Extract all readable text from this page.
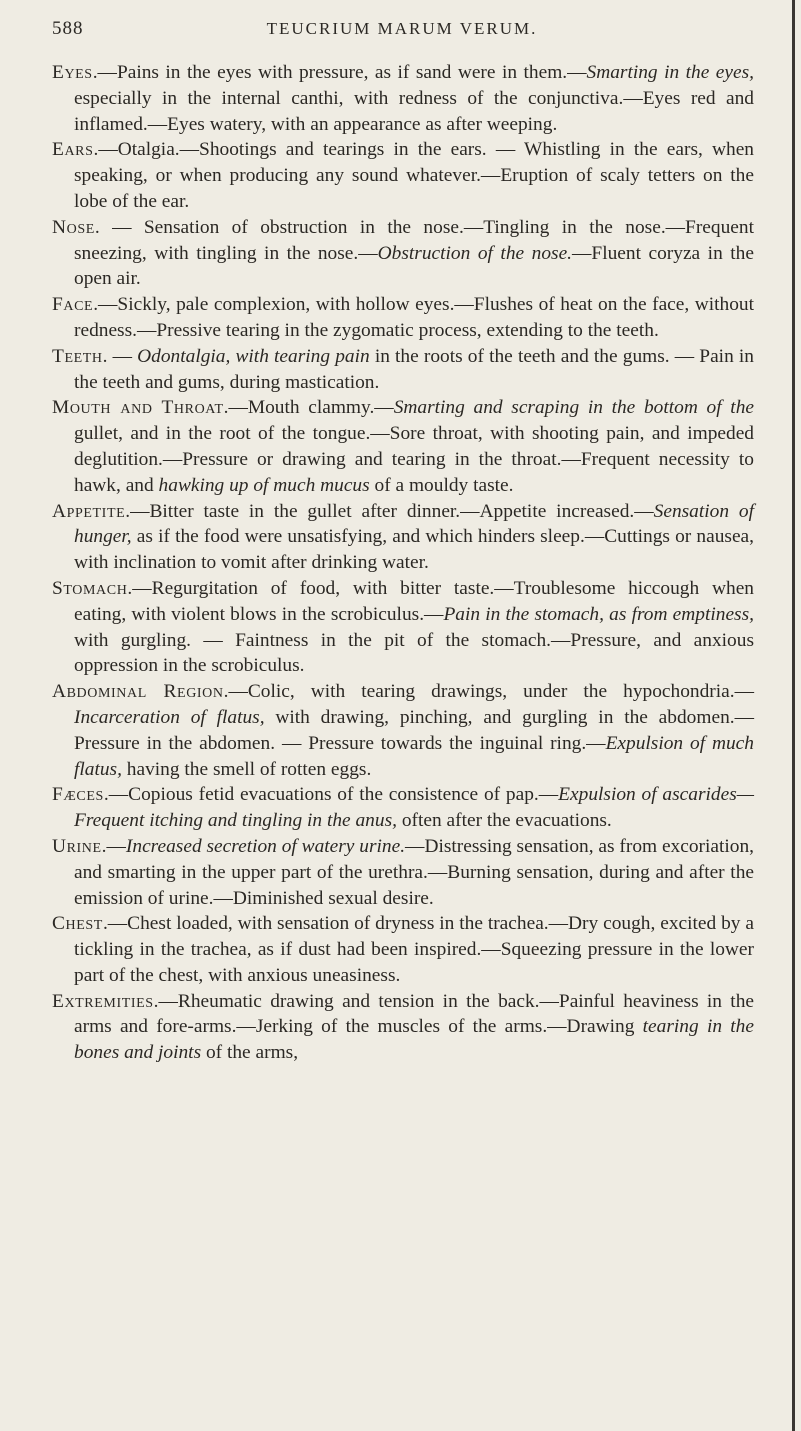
588	TEUCRIUM MARUM VERUM.

Eyes.—Pains in the eyes with pressure, as if sand were in them.—Smarting in the eyes, especially in the internal canthi, with redness of the conjunctiva.—Eyes red and inflamed.—Eyes watery, with an appearance as after weeping.

Ears.—Otalgia.—Shootings and tearings in the ears. — Whistling in the ears, when speaking, or when producing any sound whatever.—Eruption of scaly tetters on the lobe of the ear.

Nose. — Sensation of obstruction in the nose.—Tingling in the nose.—Frequent sneezing, with tingling in the nose.—Obstruction of the nose.—Fluent coryza in the open air.

Face.—Sickly, pale complexion, with hollow eyes.—Flushes of heat on the face, without redness.—Pressive tearing in the zygomatic process, extending to the teeth.

Teeth. — Odontalgia, with tearing pain in the roots of the teeth and the gums. — Pain in the teeth and gums, during mastication.

Mouth and Throat.—Mouth clammy.—Smarting and scraping in the bottom of the gullet, and in the root of the tongue.—Sore throat, with shooting pain, and impeded deglutition.—Pressure or drawing and tearing in the throat.—Frequent necessity to hawk, and hawking up of much mucus of a mouldy taste.

Appetite.—Bitter taste in the gullet after dinner.—Appetite increased.—Sensation of hunger, as if the food were unsatisfying, and which hinders sleep.—Cuttings or nausea, with inclination to vomit after drinking water.

Stomach.—Regurgitation of food, with bitter taste.—Troublesome hiccough when eating, with violent blows in the scrobiculus.—Pain in the stomach, as from emptiness, with gurgling. — Faintness in the pit of the stomach.—Pressure, and anxious oppression in the scrobiculus.

Abdominal Region.—Colic, with tearing drawings, under the hypochondria.—Incarceration of flatus, with drawing, pinching, and gurgling in the abdomen.—Pressure in the abdomen. — Pressure towards the inguinal ring.—Expulsion of much flatus, having the smell of rotten eggs.

Fæces.—Copious fetid evacuations of the consistence of pap.—Expulsion of ascarides— Frequent itching and tingling in the anus, often after the evacuations.

Urine.—Increased secretion of watery urine.—Distressing sensation, as from excoriation, and smarting in the upper part of the urethra.—Burning sensation, during and after the emission of urine.—Diminished sexual desire.

Chest.—Chest loaded, with sensation of dryness in the trachea.—Dry cough, excited by a tickling in the trachea, as if dust had been inspired.—Squeezing pressure in the lower part of the chest, with anxious uneasiness.

Extremities.—Rheumatic drawing and tension in the back.—Painful heaviness in the arms and fore-arms.—Jerking of the muscles of the arms.—Drawing tearing in the bones and joints of the arms,
